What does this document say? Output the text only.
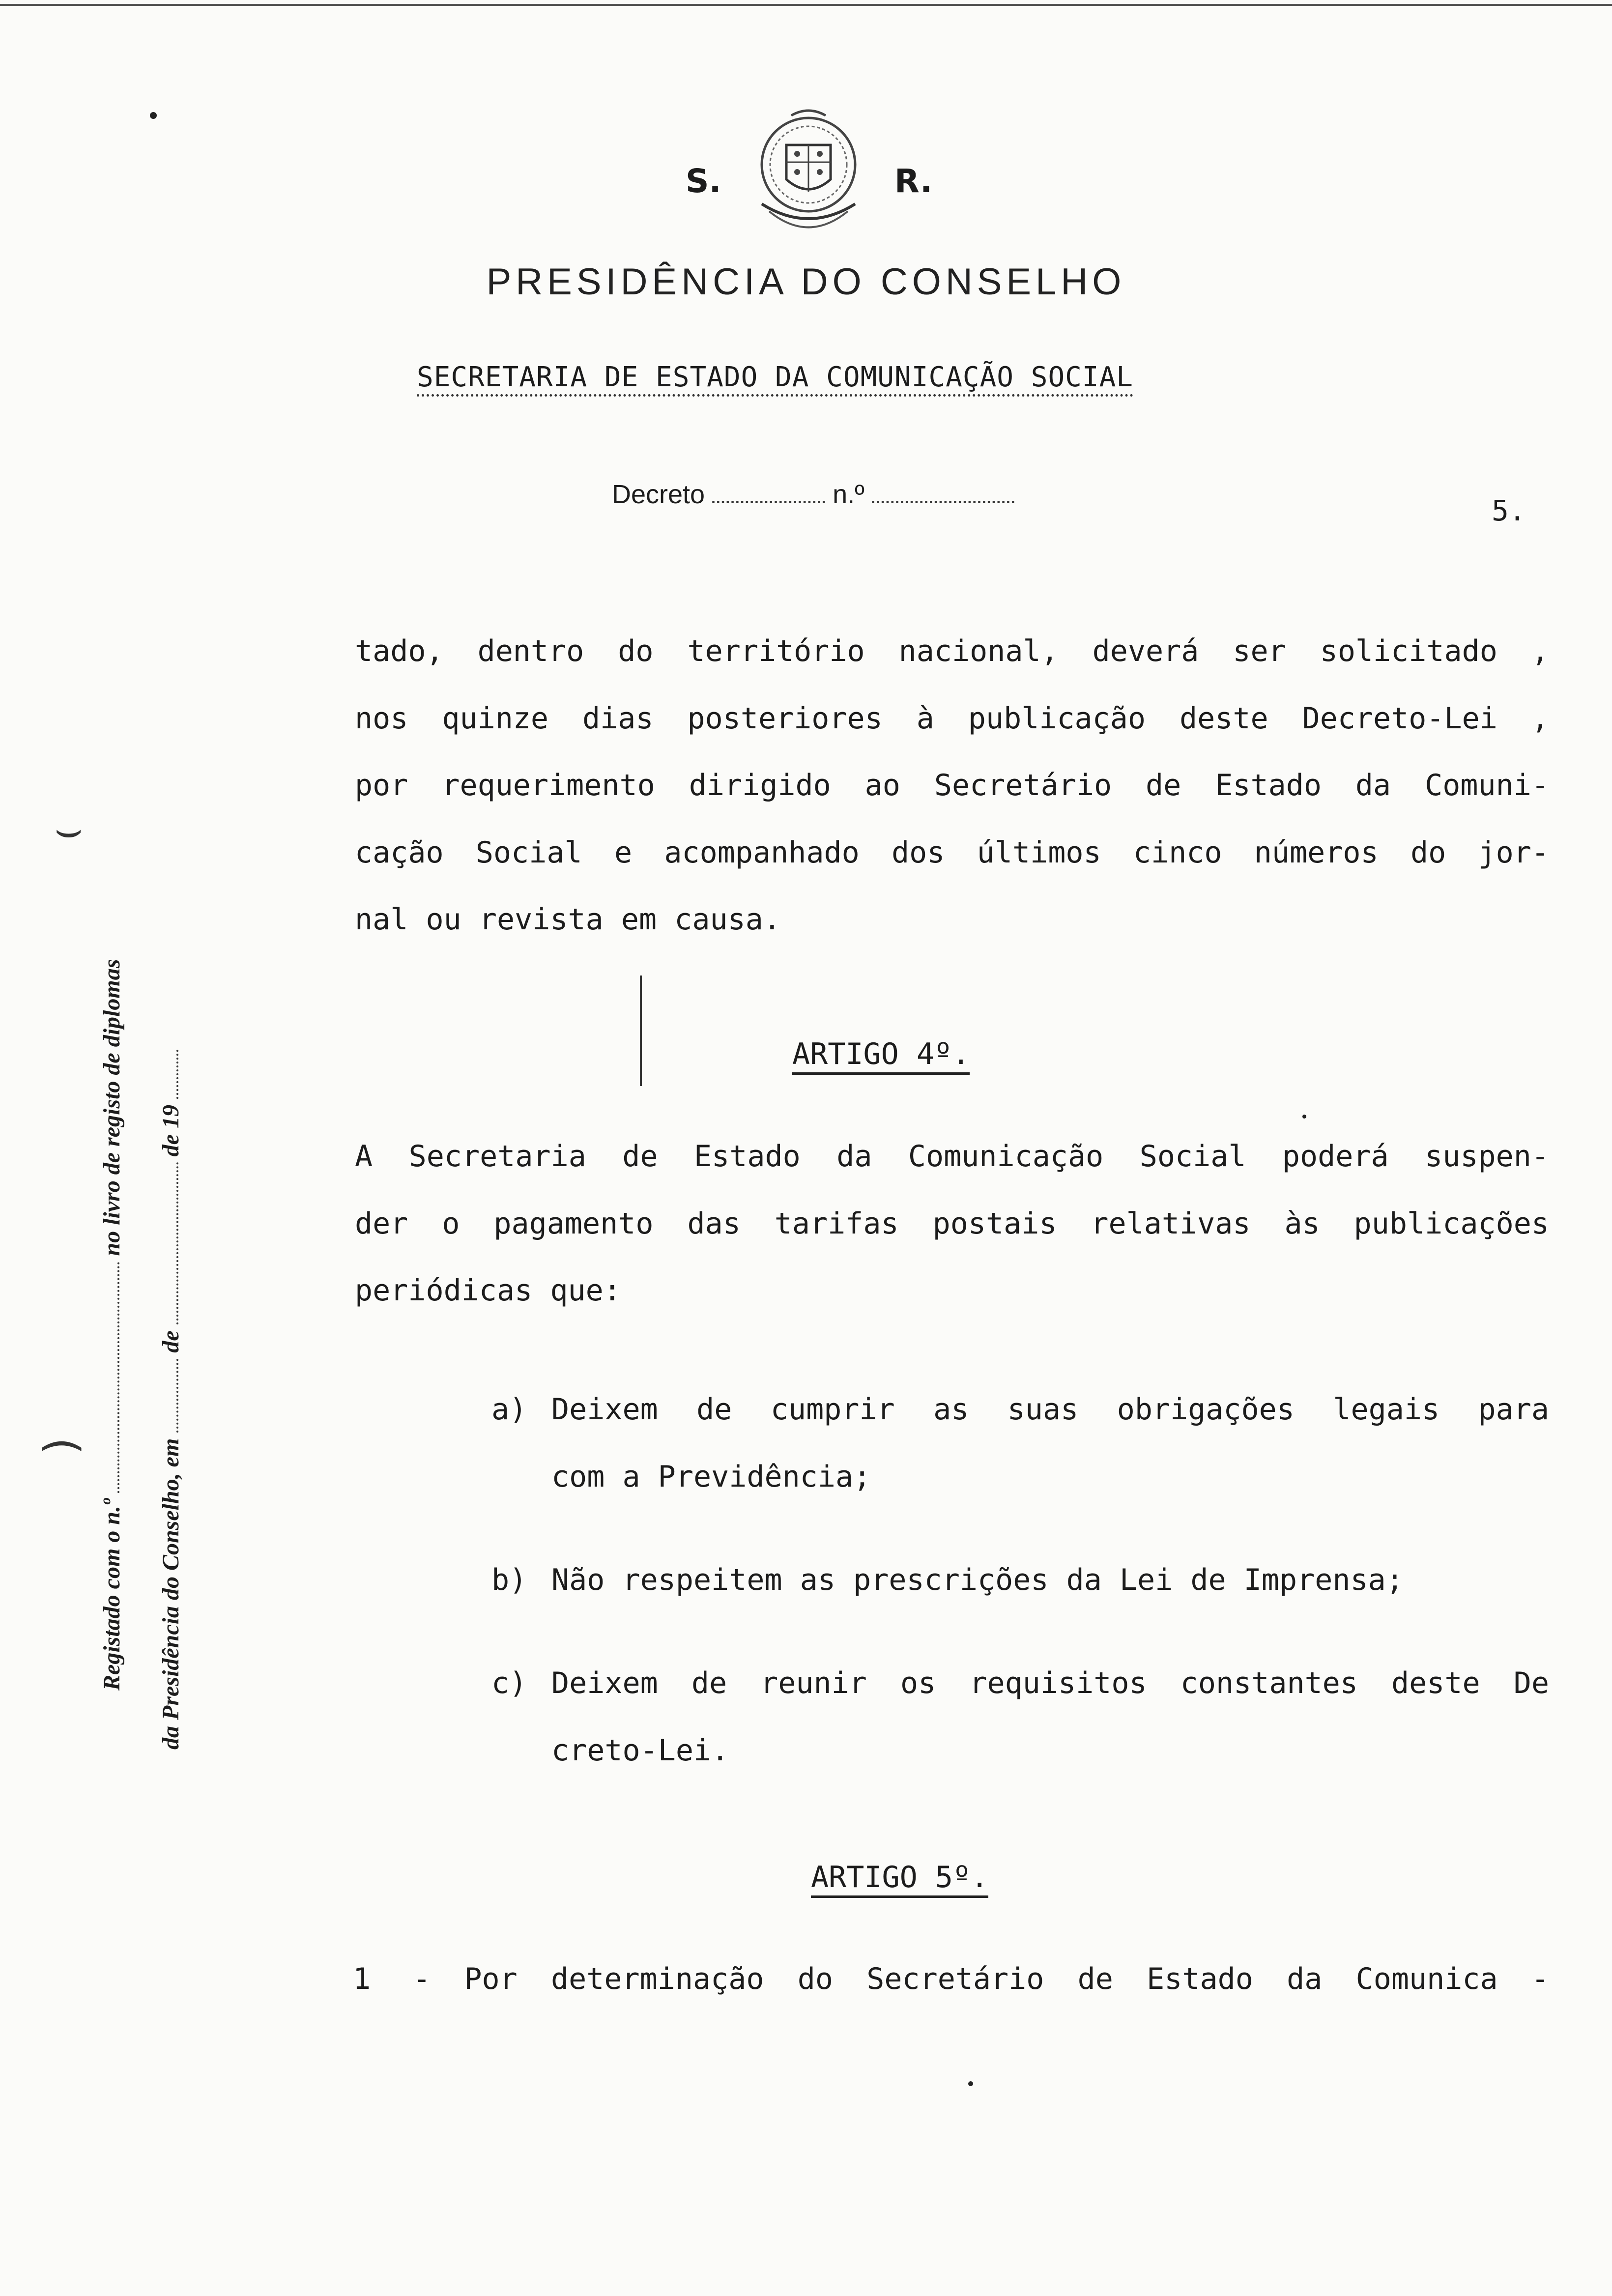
S.	R.
PRESIDÊNCIA DO CONSELHO
SECRETARIA DE ESTADO DA COMUNICAÇÃO SOCIAL
Decreto	n.º	5.
⌣
(
Registado com o n.º  no livro de registo de diplomas
da Presidência do Conselho, em  de  de 19
tado, dentro do território nacional, deverá ser solicitado ,
nos quinze dias posteriores à publicação deste Decreto-Lei ,
por requerimento dirigido ao Secretário de Estado da Comuni-
cação Social e acompanhado dos últimos cinco números do jor-
nal ou revista em causa.
ARTIGO 4º.
A Secretaria de Estado da Comunicação Social poderá suspen-
der o pagamento das tarifas postais relativas às publicações
periódicas que:
a) Deixem de cumprir as suas obrigações legais para
com a Previdência;
b) Não respeitem as prescrições da Lei de Imprensa;
c) Deixem de reunir os requisitos constantes deste De
creto-Lei.
ARTIGO 5º.
1 - Por determinação do Secretário de Estado da Comunica -
